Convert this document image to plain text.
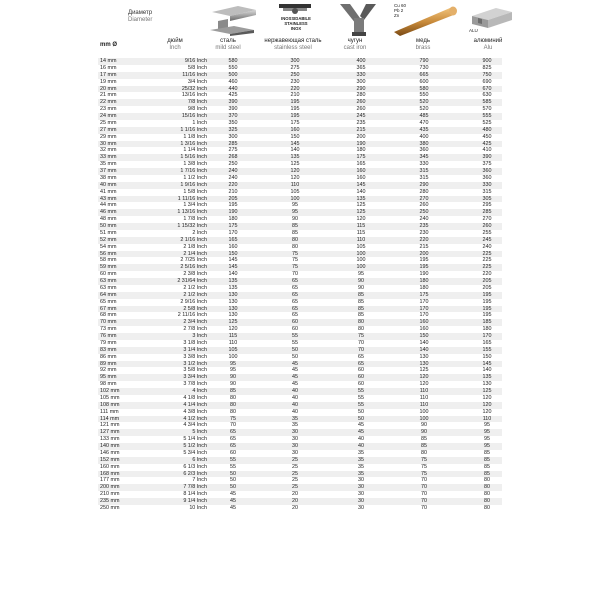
Диаметр
Diameter	INOSSIDABILE
STAINLESS
INOX
Cu 60
Pb 2
Zn
ALU
mm Ø
дюйм
Inch
сталь
mild steel
нержавеющая сталь
stainless steel
чугун
cast iron
медь
brass
алюминий
Alu
14 mm	9/16 Inch	580	300	400	790	900
16 mm	5/8 Inch	550	275	365	730	825
17 mm	11/16 Inch	500	250	330	665	750
19 mm	3/4 Inch	460	230	300	600	690
20 mm	25/32 Inch	440	220	290	580	670
21 mm	13/16 Inch	425	210	280	550	630
22 mm	7/8 Inch	390	195	260	520	585
23 mm	9/8 Inch	390	195	260	520	570
24 mm	15/16 Inch	370	195	245	485	555
25 mm	1 Inch	350	175	235	470	525
27 mm	1 1/16 Inch	325	160	215	435	480
29 mm	1 1/8 Inch	300	150	200	400	450
30 mm	1 3/16 Inch	285	145	190	380	425
32 mm	1 1/4 Inch	275	140	180	360	410
33 mm	1 5/16 Inch	268	135	175	345	390
35 mm	1 3/8 Inch	250	125	165	330	375
37 mm	1 7/16 Inch	240	120	160	315	360
38 mm	1 1/2 Inch	240	120	160	315	360
40 mm	1 9/16 Inch	220	110	145	290	330
41 mm	1 5/8 Inch	210	105	140	280	315
43 mm	1 11/16 Inch	205	100	135	270	305
44 mm	1 3/4 Inch	195	95	125	260	295
46 mm	1 13/16 Inch	190	95	125	250	285
48 mm	1 7/8 Inch	180	90	120	240	270
50 mm	1 15/32 Inch	175	85	115	235	260
51 mm	2 Inch	170	85	115	230	255
52 mm	2 1/16 Inch	165	80	110	220	245
54 mm	2 1/8 Inch	160	80	105	215	240
56 mm	2 1/4 Inch	150	75	100	200	225
58 mm	2 7/25 Inch	145	75	100	195	225
59 mm	2 5/16 Inch	145	75	100	195	225
60 mm	2 3/8 Inch	140	70	95	190	220
63 mm	2 31/64 Inch	135	65	90	180	205
63 mm	2 1/2 Inch	135	65	90	180	205
64 mm	2 1/2 Inch	130	65	85	175	195
65 mm	2 9/16 Inch	130	65	85	170	195
67 mm	2 5/8 Inch	130	65	85	170	195
68 mm	2 11/16 Inch	130	65	85	170	195
70 mm	2 3/4 Inch	125	60	80	160	185
73 mm	2 7/8 Inch	120	60	80	160	180
76 mm	3 Inch	115	55	75	150	170
79 mm	3 1/8 Inch	110	55	70	140	165
83 mm	3 1/4 Inch	105	50	70	140	155
86 mm	3 3/8 Inch	100	50	65	130	150
89 mm	3 1/2 Inch	95	45	65	130	145
92 mm	3 5/8 Inch	95	45	60	125	140
95 mm	3 3/4 Inch	90	45	60	120	135
98 mm	3 7/8 Inch	90	45	60	120	130
102 mm	4 Inch	85	40	55	110	125
105 mm	4 1/8 Inch	80	40	55	110	120
108 mm	4 1/4 Inch	80	40	55	110	120
111 mm	4 3/8 Inch	80	40	50	100	120
114 mm	4 1/2 Inch	75	35	50	100	110
121 mm	4 3/4 Inch	70	35	45	90	95
127 mm	5 Inch	65	30	45	90	95
133 mm	5 1/4 Inch	65	30	40	85	95
140 mm	5 1/2 Inch	65	30	40	85	95
146 mm	5 3/4 Inch	60	30	35	80	85
152 mm	6 Inch	55	25	35	75	85
160 mm	6 1/3 Inch	55	25	35	75	85
168 mm	6 2/3 Inch	50	25	35	75	85
177 mm	7 Inch	50	25	30	70	80
200 mm	7 7/8 Inch	50	25	30	70	80
210 mm	8 1/4 Inch	45	20	30	70	80
235 mm	9 1/4 Inch	45	20	30	70	80
250 mm	10 Inch	45	20	30	70	80
